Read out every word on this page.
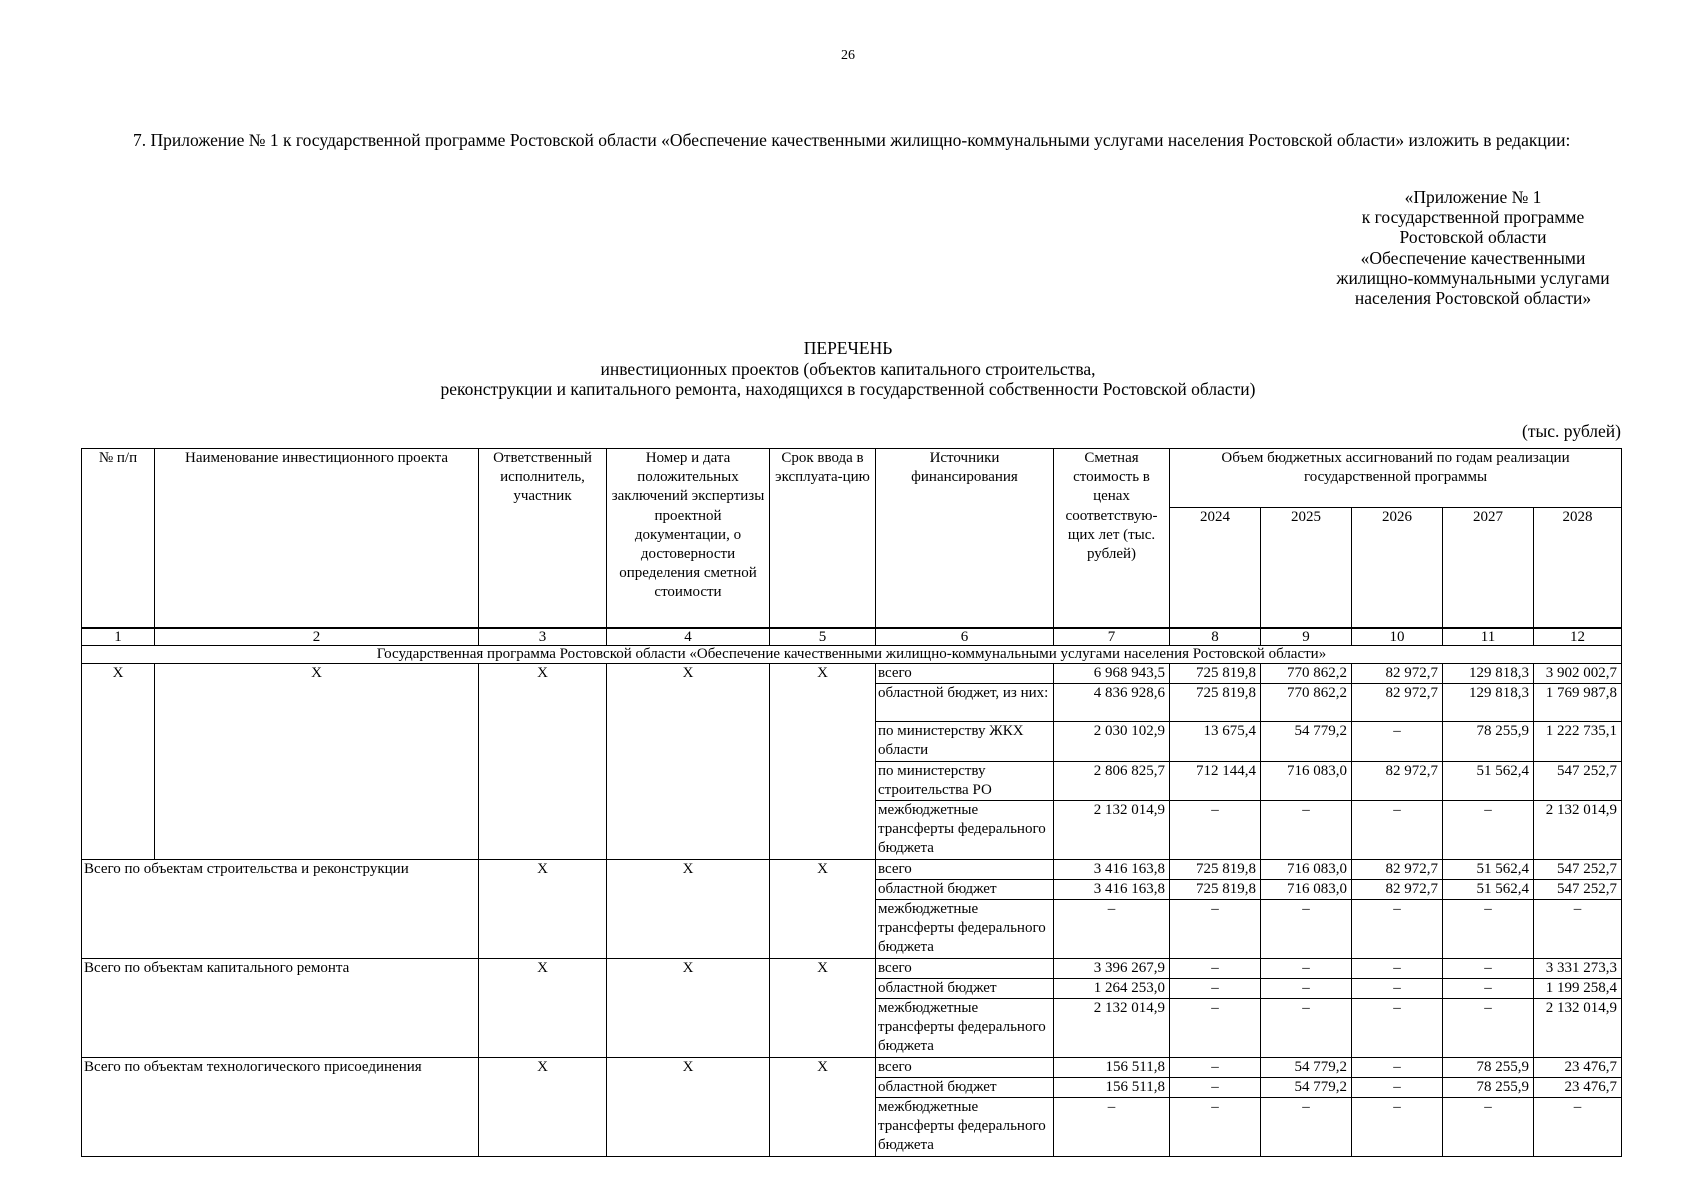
26
7. Приложение № 1 к государственной программе Ростовской области «Обеспечение качественными жилищно-коммунальными услугами населения Ростовской области» изложить в редакции:
«Приложение № 1
к государственной программе
Ростовской области
«Обеспечение качественными
жилищно-коммунальными услугами
населения Ростовской области»
ПЕРЕЧЕНЬ
инвестиционных проектов (объектов капитального строительства,
реконструкции и капитального ремонта, находящихся в государственной собственности Ростовской области)
(тыс. рублей)
№ п/п	Наименование инвестиционного проекта	Ответственный исполнитель, участник	Номер и дата положительных заключений экспертизы проектной документации, о достоверности определения сметной стоимости	Срок ввода в эксплуата-цию	Источники финансирования	Сметная стоимость в ценах соответствую-щих лет (тыс. рублей)	Объем бюджетных ассигнований по годам реализации государственной программы				
							2024	2025	2026	2027	2028
1	2	3	4	5	6	7	8	9	10	11	12
Государственная программа Ростовской области «Обеспечение качественными жилищно-коммунальными услугами населения Ростовской области»											
Х	Х	Х	Х	Х	всего	6 968 943,5	725 819,8	770 862,2	82 972,7	129 818,3	3 902 002,7
					областной бюджет, из них:	4 836 928,6	725 819,8	770 862,2	82 972,7	129 818,3	1 769 987,8
					по министерству ЖКХ области	2 030 102,9	13 675,4	54 779,2	–	78 255,9	1 222 735,1
					по министерству строительства РО	2 806 825,7	712 144,4	716 083,0	82 972,7	51 562,4	547 252,7
					межбюджетные трансферты федерального бюджета	2 132 014,9	–	–	–	–	2 132 014,9
Всего по объектам строительства и реконструкции		Х	Х	Х	всего	3 416 163,8	725 819,8	716 083,0	82 972,7	51 562,4	547 252,7
					областной бюджет	3 416 163,8	725 819,8	716 083,0	82 972,7	51 562,4	547 252,7
					межбюджетные трансферты федерального бюджета	–	–	–	–	–	–
Всего по объектам капитального ремонта		Х	Х	Х	всего	3 396 267,9	–	–	–	–	3 331 273,3
					областной бюджет	1 264 253,0	–	–	–	–	1 199 258,4
					межбюджетные трансферты федерального бюджета	2 132 014,9	–	–	–	–	2 132 014,9
Всего по объектам технологического присоединения		Х	Х	Х	всего	156 511,8	–	54 779,2	–	78 255,9	23 476,7
					областной бюджет	156 511,8	–	54 779,2	–	78 255,9	23 476,7
					межбюджетные трансферты федерального бюджета	–	–	–	–	–	–
